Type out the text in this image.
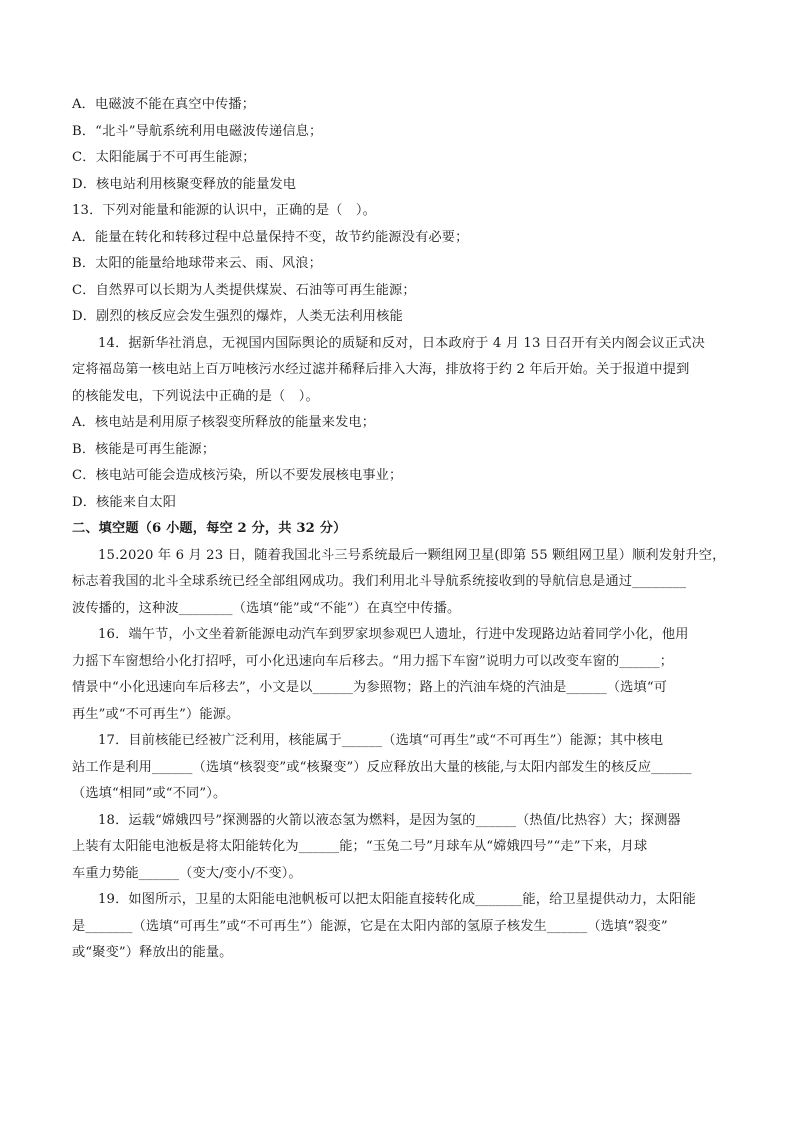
A．电磁波不能在真空中传播；
B．“北斗”导航系统利用电磁波传递信息；
C．太阳能属于不可再生能源；
D．核电站利用核聚变释放的能量发电
13．下列对能量和能源的认识中，正确的是（　）。
A．能量在转化和转移过程中总量保持不变，故节约能源没有必要；
B．太阳的能量给地球带来云、雨、风浪；
C．自然界可以长期为人类提供煤炭、石油等可再生能源；
D．剧烈的核反应会发生强烈的爆炸，人类无法利用核能
14．据新华社消息，无视国内国际舆论的质疑和反对，日本政府于 4 月 13 日召开有关内阁会议正式决
定将福岛第一核电站上百万吨核污水经过滤并稀释后排入大海，排放将于约 2 年后开始。关于报道中提到
的核能发电，下列说法中正确的是（　）。
A．核电站是利用原子核裂变所释放的能量来发电；
B．核能是可再生能源；
C．核电站可能会造成核污染，所以不要发展核电事业；
D．核能来自太阳
二、填空题（6 小题，每空 2 分，共 32 分）
15.2020 年 6 月 23 日，随着我国北斗三号系统最后一颗组网卫星(即第 55 颗组网卫星）顺利发射升空，
标志着我国的北斗全球系统已经全部组网成功。我们利用北斗导航系统接收到的导航信息是通过________
波传播的，这种波________（选填“能”或“不能”）在真空中传播。
16．端午节，小文坐着新能源电动汽车到罗家坝参观巴人遗址，行进中发现路边站着同学小化，他用
力摇下车窗想给小化打招呼，可小化迅速向车后移去。“用力摇下车窗”说明力可以改变车窗的______；
情景中“小化迅速向车后移去”，小文是以______为参照物；路上的汽油车烧的汽油是______（选填“可
再生”或“不可再生”）能源。
17．目前核能已经被广泛利用，核能属于______（选填“可再生”或“不可再生”）能源；其中核电
站工作是利用______（选填“核裂变”或“核聚变”）反应释放出大量的核能,与太阳内部发生的核反应______
（选填“相同”或“不同”）。
18．运载“嫦娥四号”探测器的火箭以液态氢为燃料，是因为氢的______（热值/比热容）大；探测器
上装有太阳能电池板是将太阳能转化为______能；“玉兔二号”月球车从“嫦娥四号”“走”下来，月球
车重力势能______（变大/变小/不变）。
19．如图所示，卫星的太阳能电池帆板可以把太阳能直接转化成_______能，给卫星提供动力，太阳能
是_______（选填“可再生”或“不可再生”）能源，它是在太阳内部的氢原子核发生______（选填“裂变”
或“聚变”）释放出的能量。
